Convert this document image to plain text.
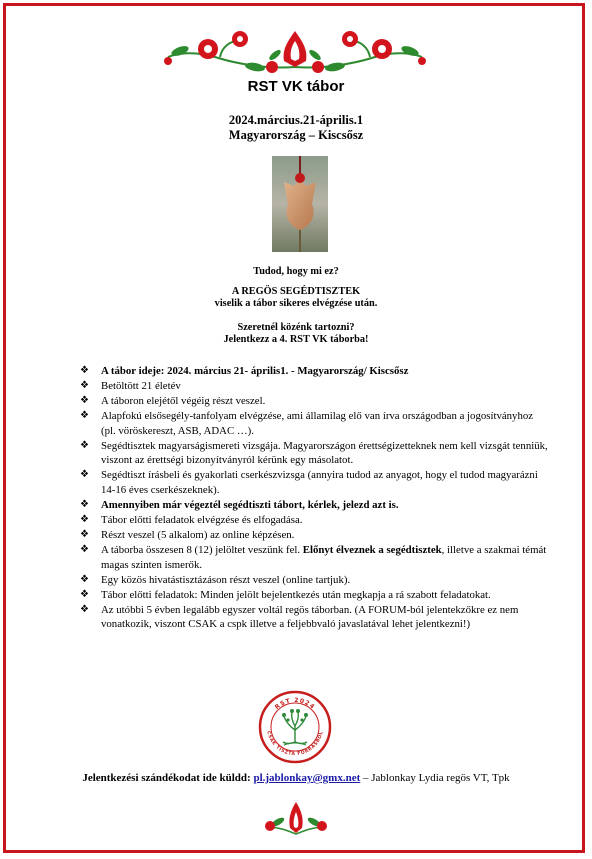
RST VK tábor
2024.március.21-április.1
Magyarország – Kiscsősz
Tudod, hogy mi ez?
A REGÖS SEGÉDTISZTEK
viselik a tábor sikeres elvégzése után.
Szeretnél közénk tartozni?
Jelentkezz a 4. RST VK táborba!
❖ A tábor ideje: 2024. március 21- április1. - Magyarország/ Kiscsősz
❖ Betöltött 21 életév
❖ A táboron elejétől végéig részt veszel.
❖ Alapfokú elsősegély-tanfolyam elvégzése, ami államilag elő van írva országodban a jogosítványhoz (pl. vöröskereszt, ASB, ADAC …).
❖ Segédtisztek magyarságismereti vizsgája. Magyarországon érettségizetteknek nem kell vizsgát tenniük, viszont az érettségi bizonyítványról kérünk egy másolatot.
❖ Segédtiszt írásbeli és gyakorlati cserkészvizsga (annyira tudod az anyagot, hogy el tudod magyarázni 14-16 éves cserkészeknek).
❖ Amennyiben már végeztél segédtiszti tábort, kérlek, jelezd azt is.
❖ Tábor előtti feladatok elvégzése és elfogadása.
❖ Részt veszel (5 alkalom) az online képzésen.
❖ A táborba összesen 8 (12) jelöltet veszünk fel. Előnyt élveznek a segédtisztek, illetve a szakmai témát magas szinten ismerők.
❖ Egy közös hivatástisztázáson részt veszel (online tartjuk).
❖ Tábor előtti feladatok: Minden jelölt bejelentkezés után megkapja a rá szabott feladatokat.
❖ Az utóbbi 5 évben legalább egyszer voltál regös táborban. (A FORUM-ból jelentekzőkre ez nem vonatkozik, viszont CSAK a cspk illetve a feljebbvaló javaslatával lehet jelentkezni!)
RST 2024
CSAK TISZTA FORRÁSBÓL
Jelentkezési szándékodat ide küldd: pl.jablonkay@gmx.net – Jablonkay Lydia regös VT, Tpk
